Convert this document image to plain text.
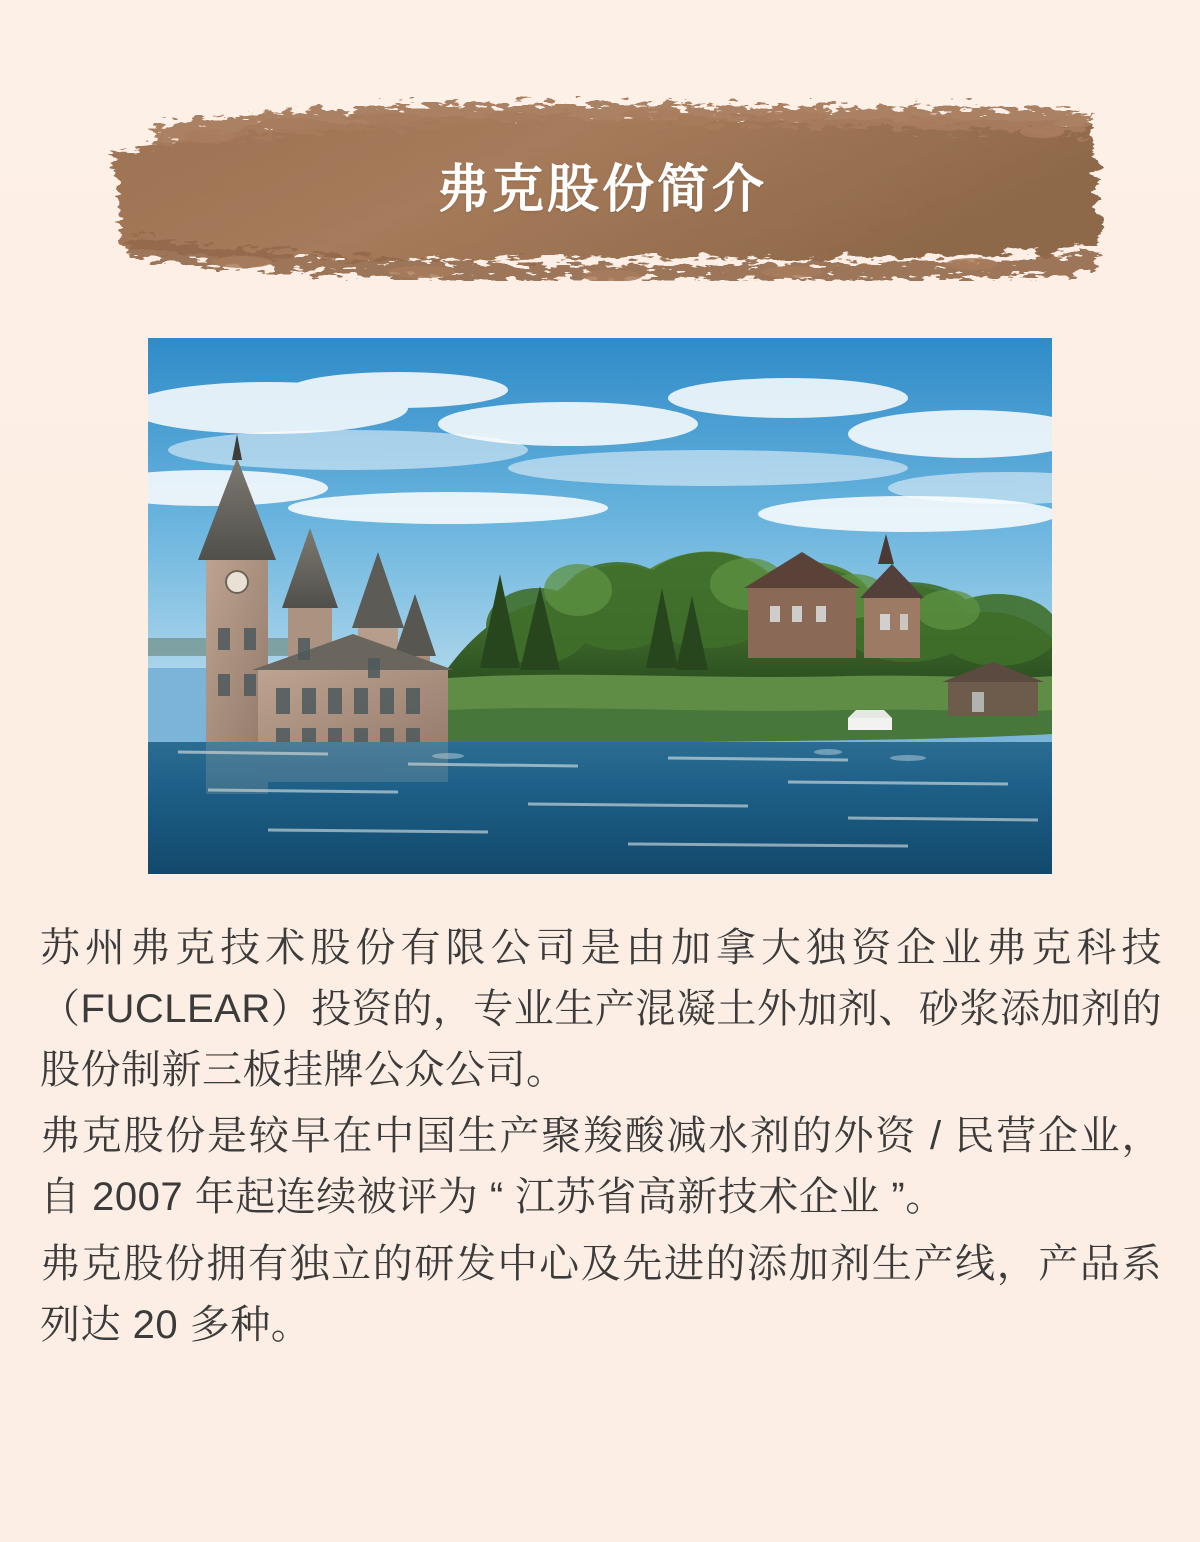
弗克股份简介

苏州弗克技术股份有限公司是由加拿大独资企业弗克科技（FUCLEAR）投资的，专业生产混凝土外加剂、砂浆添加剂的股份制新三板挂牌公众公司。

弗克股份是较早在中国生产聚羧酸减水剂的外资 / 民营企业，自 2007 年起连续被评为 “ 江苏省高新技术企业 ”。

弗克股份拥有独立的研发中心及先进的添加剂生产线，产品系列达 20 多种。
